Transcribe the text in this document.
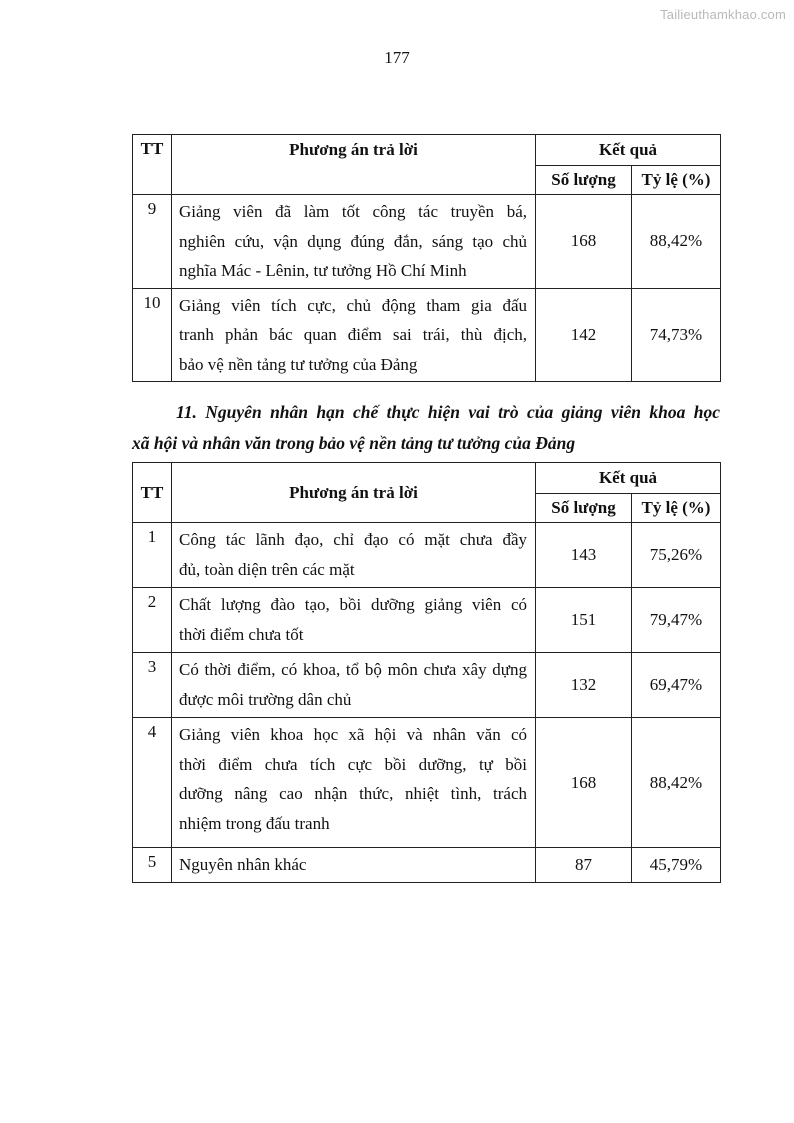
Tailieuthamkhao.com
177
TT	Phương án trả lời	Kết quả	
		Số lượng	Tỷ lệ (%)
9	Giảng viên đã làm tốt công tác truyền bá,
nghiên cứu, vận dụng đúng đắn, sáng tạo chủ
nghĩa Mác - Lênin, tư tưởng Hồ Chí Minh	168	88,42%
10	Giảng viên tích cực, chủ động tham gia đấu
tranh phản bác quan điểm sai trái, thù địch,
bảo vệ nền tảng tư tưởng của Đảng	142	74,73%
11. Nguyên nhân hạn chế thực hiện vai trò của giảng viên khoa học
xã hội và nhân văn trong bảo vệ nền tảng tư tưởng của Đảng
TT	Phương án trả lời	Kết quả	
		Số lượng	Tỷ lệ (%)
1	Công tác lãnh đạo, chỉ đạo có mặt chưa đầy
đủ, toàn diện trên các mặt	143	75,26%
2	Chất lượng đào tạo, bồi dưỡng giảng viên có
thời điểm chưa tốt	151	79,47%
3	Có thời điểm, có khoa, tổ bộ môn chưa xây dựng
được môi trường dân chủ	132	69,47%
4	Giảng viên khoa học xã hội và nhân văn có
thời điểm chưa tích cực bồi dưỡng, tự bồi
dưỡng nâng cao nhận thức, nhiệt tình, trách
nhiệm trong đấu tranh	168	88,42%
5	Nguyên nhân khác	87	45,79%
